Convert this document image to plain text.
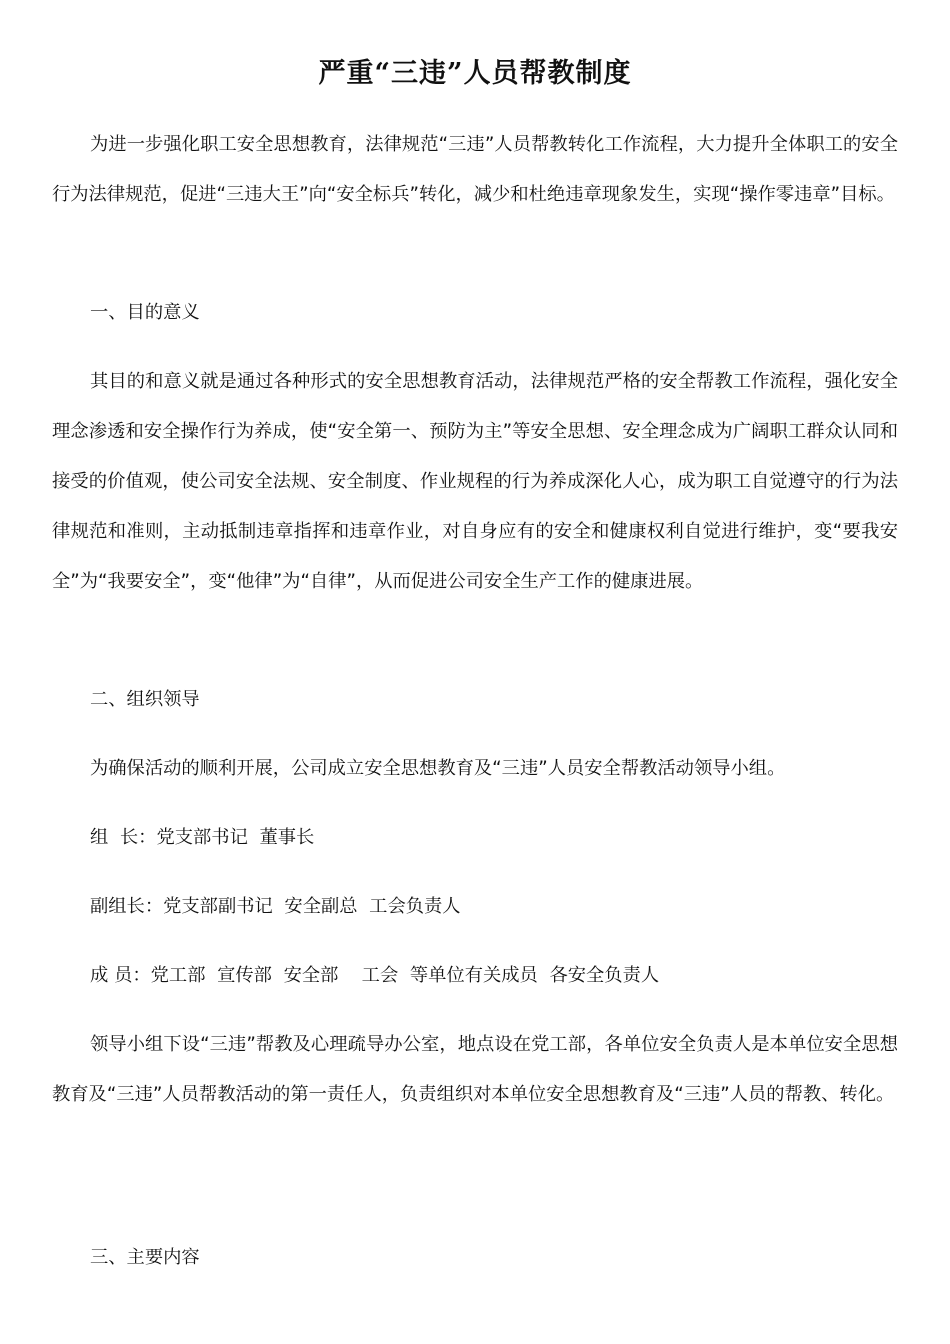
严重“三违”人员帮教制度

为进一步强化职工安全思想教育，法律规范“三违”人员帮教转化工作流程，大力提升全体职工的安全行为法律规范，促进“三违大王”向“安全标兵”转化，减少和杜绝违章现象发生，实现“操作零违章”目标。

一、目的意义

其目的和意义就是通过各种形式的安全思想教育活动，法律规范严格的安全帮教工作流程，强化安全理念渗透和安全操作行为养成，使“安全第一、预防为主”等安全思想、安全理念成为广阔职工群众认同和接受的价值观，使公司安全法规、安全制度、作业规程的行为养成深化人心，成为职工自觉遵守的行为法律规范和准则，主动抵制违章指挥和违章作业，对自身应有的安全和健康权利自觉进行维护，变“要我安全”为“我要安全”，变“他律”为“自律”，从而促进公司安全生产工作的健康进展。

二、组织领导

为确保活动的顺利开展，公司成立安全思想教育及“三违”人员安全帮教活动领导小组。

组  长：党支部书记  董事长

副组长：党支部副书记  安全副总  工会负责人

成 员：党工部  宣传部  安全部    工会  等单位有关成员  各安全负责人

领导小组下设“三违”帮教及心理疏导办公室，地点设在党工部，各单位安全负责人是本单位安全思想教育及“三违”人员帮教活动的第一责任人，负责组织对本单位安全思想教育及“三违”人员的帮教、转化。

三、主要内容
